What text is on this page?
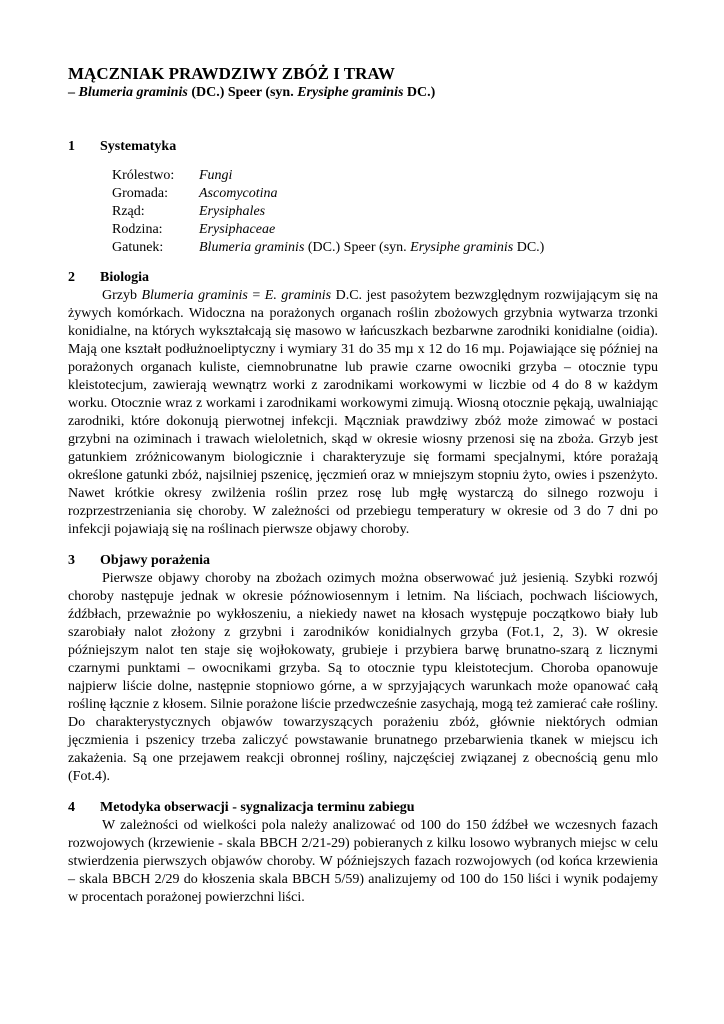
MĄCZNIAK PRAWDZIWY ZBÓŻ I TRAW
– Blumeria graminis (DC.) Speer (syn. Erysiphe graminis DC.)
1	Systematyka
Królestwo:	Fungi
Gromada:	Ascomycotina
Rząd:	Erysiphales
Rodzina:	Erysiphaceae
Gatunek:	Blumeria graminis (DC.) Speer (syn. Erysiphe graminis DC.)
2	Biologia

Grzyb Blumeria graminis = E. graminis D.C. jest pasożytem bezwzględnym rozwijającym się na żywych komórkach. Widoczna na porażonych organach roślin zbożowych grzybnia wytwarza trzonki konidialne, na których wykształcają się masowo w łańcuszkach bezbarwne zarodniki konidialne (oidia). Mają one kształt podłużnoeliptyczny i wymiary 31 do 35 mµ x 12 do 16 mµ. Pojawiające się później na porażonych organach kuliste, ciemnobrunatne lub prawie czarne owocniki grzyba – otocznie typu kleistotecjum, zawierają wewnątrz worki z zarodnikami workowymi w liczbie od 4 do 8 w każdym worku. Otocznie wraz z workami i zarodnikami workowymi zimują. Wiosną otocznie pękają, uwalniając zarodniki, które dokonują pierwotnej infekcji. Mączniak prawdziwy zbóż może zimować w postaci grzybni na oziminach i trawach wieloletnich, skąd w okresie wiosny przenosi się na zboża. Grzyb jest gatunkiem zróżnicowanym biologicznie i charakteryzuje się formami specjalnymi, które porażają określone gatunki zbóż, najsilniej pszenicę, jęczmień oraz w mniejszym stopniu żyto, owies i pszenżyto. Nawet krótkie okresy zwilżenia roślin przez rosę lub mgłę wystarczą do silnego rozwoju i rozprzestrzeniania się choroby. W zależności od przebiegu temperatury w okresie od 3 do 7 dni po infekcji pojawiają się na roślinach pierwsze objawy choroby.

3	Objawy porażenia

Pierwsze objawy choroby na zbożach ozimych można obserwować już jesienią. Szybki rozwój choroby następuje jednak w okresie późnowiosennym i letnim. Na liściach, pochwach liściowych, źdźbłach, przeważnie po wykłoszeniu, a niekiedy nawet na kłosach występuje początkowo biały lub szarobiały nalot złożony z grzybni i zarodników konidialnych grzyba (Fot.1, 2, 3). W okresie późniejszym nalot ten staje się wojłokowaty, grubieje i przybiera barwę brunatno-szarą z licznymi czarnymi punktami – owocnikami grzyba. Są to otocznie typu kleistotecjum. Choroba opanowuje najpierw liście dolne, następnie stopniowo górne, a w sprzyjających warunkach może opanować całą roślinę łącznie z kłosem. Silnie porażone liście przedwcześnie zasychają, mogą też zamierać całe rośliny. Do charakterystycznych objawów towarzyszących porażeniu zbóż, głównie niektórych odmian jęczmienia i pszenicy trzeba zaliczyć powstawanie brunatnego przebarwienia tkanek w miejscu ich zakażenia. Są one przejawem reakcji obronnej rośliny, najczęściej związanej z obecnością genu mlo (Fot.4).

4	Metodyka obserwacji - sygnalizacja terminu zabiegu

W zależności od wielkości pola należy analizować od 100 do 150 źdźbeł we wczesnych fazach rozwojowych (krzewienie - skala BBCH 2/21-29) pobieranych z kilku losowo wybranych miejsc w celu stwierdzenia pierwszych objawów choroby. W późniejszych fazach rozwojowych (od końca krzewienia – skala BBCH 2/29 do kłoszenia skala BBCH 5/59) analizujemy od 100 do 150 liści i wynik podajemy w procentach porażonej powierzchni liści.
